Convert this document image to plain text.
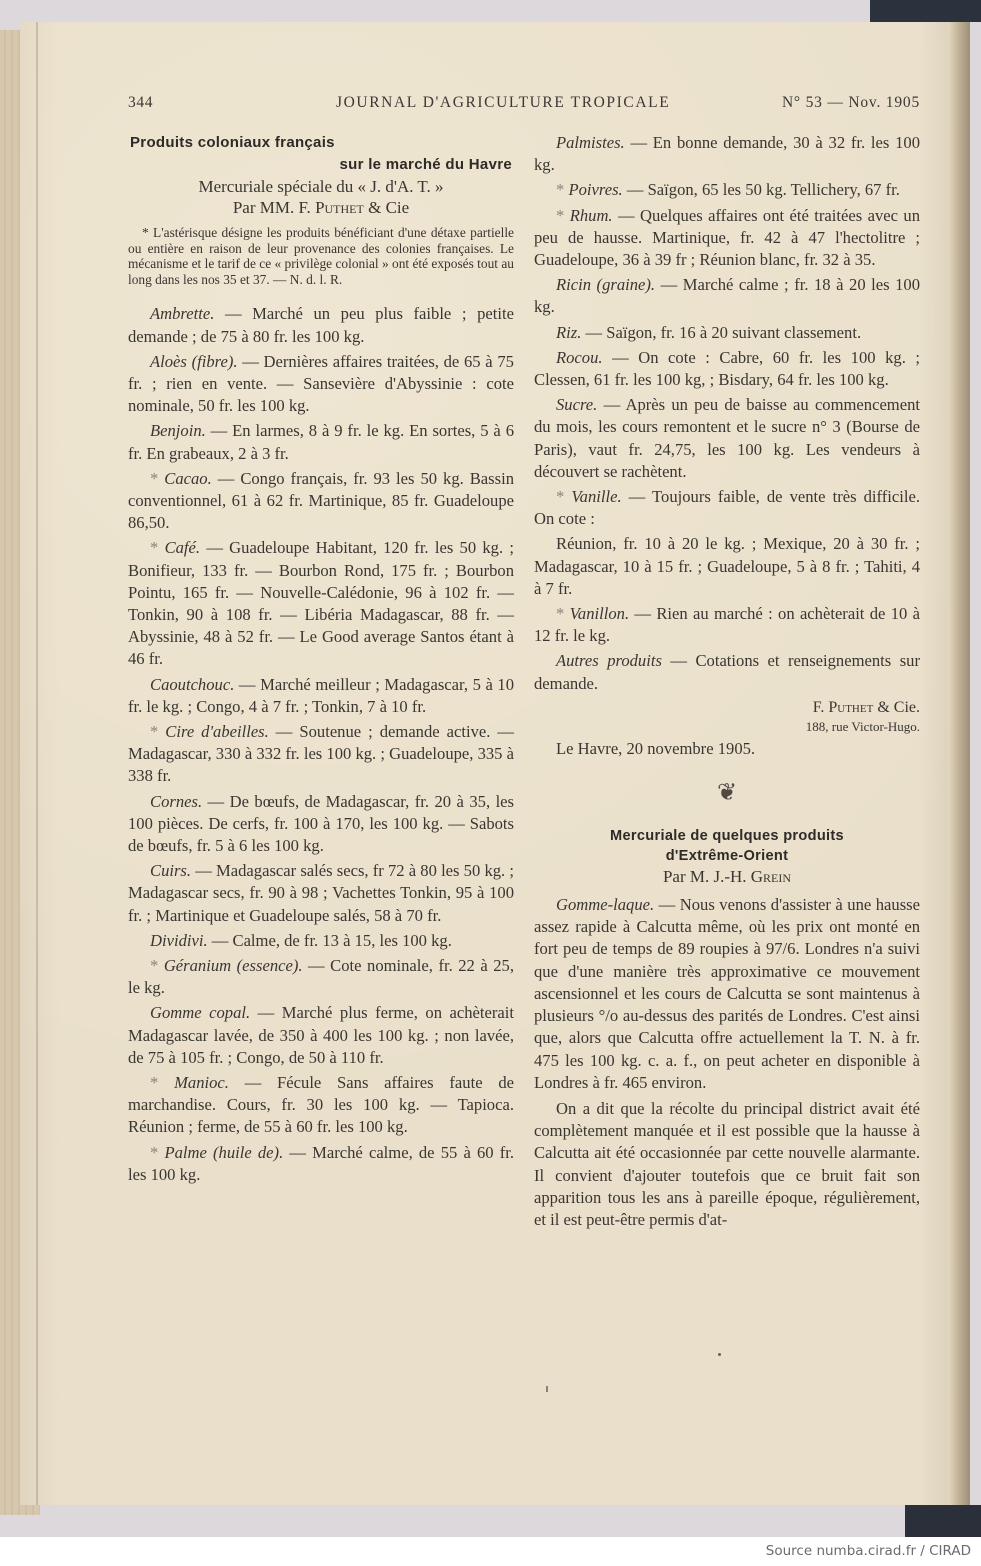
344	JOURNAL D'AGRICULTURE TROPICALE	N° 53 — Nov. 1905
Produits coloniaux français
sur le marché du Havre
Mercuriale spéciale du « J. d'A. T. »
Par MM. F. Puthet & Cie
* L'astérisque désigne les produits bénéficiant d'une détaxe partielle ou entière en raison de leur provenance des colonies françaises. Le mécanisme et le tarif de ce « privilège colonial » ont été exposés tout au long dans les nos 35 et 37. — N. d. l. R.

Ambrette. — Marché un peu plus faible ; petite demande ; de 75 à 80 fr. les 100 kg.

Aloès (fibre). — Dernières affaires traitées, de 65 à 75 fr. ; rien en vente. — Sansevière d'Abyssinie : cote nominale, 50 fr. les 100 kg.

Benjoin. — En larmes, 8 à 9 fr. le kg. En sortes, 5 à 6 fr. En grabeaux, 2 à 3 fr.

* Cacao. — Congo français, fr. 93 les 50 kg. Bassin conventionnel, 61 à 62 fr. Martinique, 85 fr. Guadeloupe 86,50.

* Café. — Guadeloupe Habitant, 120 fr. les 50 kg. ; Bonifieur, 133 fr. — Bourbon Rond, 175 fr. ; Bourbon Pointu, 165 fr. — Nouvelle-Calédonie, 96 à 102 fr. — Tonkin, 90 à 108 fr. — Libéria Madagascar, 88 fr. — Abyssinie, 48 à 52 fr. — Le Good average Santos étant à 46 fr.

Caoutchouc. — Marché meilleur ; Madagascar, 5 à 10 fr. le kg. ; Congo, 4 à 7 fr. ; Tonkin, 7 à 10 fr.

* Cire d'abeilles. — Soutenue ; demande active. — Madagascar, 330 à 332 fr. les 100 kg. ; Guadeloupe, 335 à 338 fr.

Cornes. — De bœufs, de Madagascar, fr. 20 à 35, les 100 pièces. De cerfs, fr. 100 à 170, les 100 kg. — Sabots de bœufs, fr. 5 à 6 les 100 kg.

Cuirs. — Madagascar salés secs, fr 72 à 80 les 50 kg. ; Madagascar secs, fr. 90 à 98 ; Vachettes Tonkin, 95 à 100 fr. ; Martinique et Guadeloupe salés, 58 à 70 fr.

Dividivi. — Calme, de fr. 13 à 15, les 100 kg.

* Géranium (essence). — Cote nominale, fr. 22 à 25, le kg.

Gomme copal. — Marché plus ferme, on achèterait Madagascar lavée, de 350 à 400 les 100 kg. ; non lavée, de 75 à 105 fr. ; Congo, de 50 à 110 fr.

* Manioc. — Fécule Sans affaires faute de marchandise. Cours, fr. 30 les 100 kg. — Tapioca. Réunion ; ferme, de 55 à 60 fr. les 100 kg.

* Palme (huile de). — Marché calme, de 55 à 60 fr. les 100 kg.

Palmistes. — En bonne demande, 30 à 32 fr. les 100 kg.

* Poivres. — Saïgon, 65 les 50 kg. Tellichery, 67 fr.

* Rhum. — Quelques affaires ont été traitées avec un peu de hausse. Martinique, fr. 42 à 47 l'hectolitre ; Guadeloupe, 36 à 39 fr ; Réunion blanc, fr. 32 à 35.

Ricin (graine). — Marché calme ; fr. 18 à 20 les 100 kg.

Riz. — Saïgon, fr. 16 à 20 suivant classement.

Rocou. — On cote : Cabre, 60 fr. les 100 kg. ; Clessen, 61 fr. les 100 kg, ; Bisdary, 64 fr. les 100 kg.

Sucre. — Après un peu de baisse au commencement du mois, les cours remontent et le sucre n° 3 (Bourse de Paris), vaut fr. 24,75, les 100 kg. Les vendeurs à découvert se rachètent.

* Vanille. — Toujours faible, de vente très difficile. On cote :

Réunion, fr. 10 à 20 le kg. ; Mexique, 20 à 30 fr. ; Madagascar, 10 à 15 fr. ; Guadeloupe, 5 à 8 fr. ; Tahiti, 4 à 7 fr.

* Vanillon. — Rien au marché : on achèterait de 10 à 12 fr. le kg.

Autres produits — Cotations et renseignements sur demande.

F. Puthet & Cie.
188, rue Victor-Hugo.
Le Havre, 20 novembre 1905.
❦
Mercuriale de quelques produits
d'Extrême-Orient
Par M. J.-H. Grein

Gomme-laque. — Nous venons d'assister à une hausse assez rapide à Calcutta même, où les prix ont monté en fort peu de temps de 89 roupies à 97/6. Londres n'a suivi que d'une manière très approximative ce mouvement ascensionnel et les cours de Calcutta se sont maintenus à plusieurs °/o au-dessus des parités de Londres. C'est ainsi que, alors que Calcutta offre actuellement la T. N. à fr. 475 les 100 kg. c. a. f., on peut acheter en disponible à Londres à fr. 465 environ.

On a dit que la récolte du principal district avait été complètement manquée et il est possible que la hausse à Calcutta ait été occasionnée par cette nouvelle alarmante. Il convient d'ajouter toutefois que ce bruit fait son apparition tous les ans à pareille époque, régulièrement, et il est peut-être permis d'at-

Source numba.cirad.fr / CIRAD
